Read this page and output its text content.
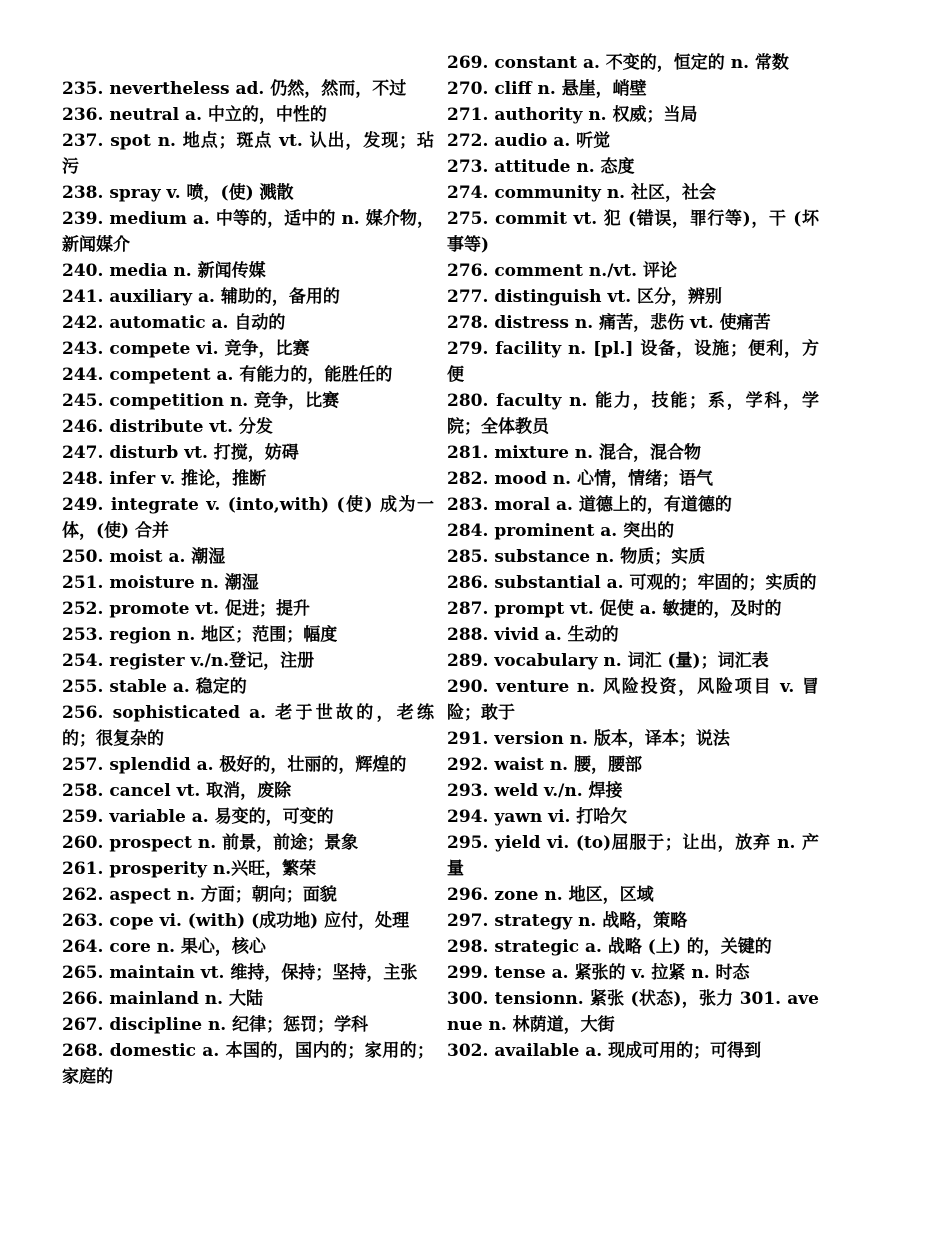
235. nevertheless ad. 仍然，然而，不过

236. neutral a. 中立的，中性的

237. spot n. 地点；斑点 vt. 认出，发现；玷污

238. spray v. 喷，(使) 溅散

239. medium a. 中等的，适中的 n. 媒介物，新闻媒介

240. media n. 新闻传媒

241. auxiliary a. 辅助的，备用的

242. automatic a. 自动的

243. compete vi. 竞争，比赛

244. competent a. 有能力的，能胜任的

245. competition n. 竞争，比赛

246. distribute vt. 分发

247. disturb vt. 打搅，妨碍

248. infer v. 推论，推断

249. integrate v. (into,with) (使) 成为一体，(使) 合并

250. moist a. 潮湿

251. moisture n. 潮湿

252. promote vt. 促进；提升

253. region n. 地区；范围；幅度

254. register v./n.登记，注册

255. stable a. 稳定的

256. sophisticated a. 老于世故的，老练的；很复杂的

257. splendid a. 极好的，壮丽的，辉煌的

258. cancel vt. 取消，废除

259. variable a. 易变的，可变的

260. prospect n. 前景，前途；景象

261. prosperity n.兴旺，繁荣

262. aspect n. 方面；朝向；面貌

263. cope vi. (with) (成功地) 应付，处理

264. core n. 果心，核心

265. maintain vt. 维持，保持；坚持，主张

266. mainland n. 大陆

267. discipline n. 纪律；惩罚；学科

268. domestic a. 本国的，国内的；家用的；家庭的

269. constant a. 不变的，恒定的 n. 常数

270. cliff n. 悬崖，峭壁

271. authority n. 权威；当局

272. audio a. 听觉

273. attitude n. 态度

274. community n. 社区，社会

275. commit vt. 犯 (错误，罪行等)，干 (坏事等)

276. comment n./vt. 评论

277. distinguish vt. 区分，辨别

278. distress n. 痛苦，悲伤 vt. 使痛苦

279. facility n. [pl.] 设备，设施；便利，方便

280. faculty n. 能力，技能；系，学科，学院；全体教员

281. mixture n. 混合，混合物

282. mood n. 心情，情绪；语气

283. moral a. 道德上的，有道德的

284. prominent a. 突出的

285. substance n. 物质；实质

286. substantial a. 可观的；牢固的；实质的

287. prompt vt. 促使 a. 敏捷的，及时的

288. vivid a. 生动的

289. vocabulary n. 词汇 (量)；词汇表

290. venture n. 风险投资，风险项目 v. 冒险；敢于

291. version n. 版本，译本；说法

292. waist n. 腰，腰部

293. weld v./n. 焊接

294. yawn vi. 打哈欠

295. yield vi. (to)屈服于；让出，放弃 n. 产量

296. zone n. 地区，区域

297. strategy n. 战略，策略

298. strategic a. 战略 (上) 的，关键的

299. tense a. 紧张的 v. 拉紧 n. 时态

300. tensionn. 紧张 (状态)，张力 301. avenue n. 林荫道，大街

302. available a. 现成可用的；可得到
